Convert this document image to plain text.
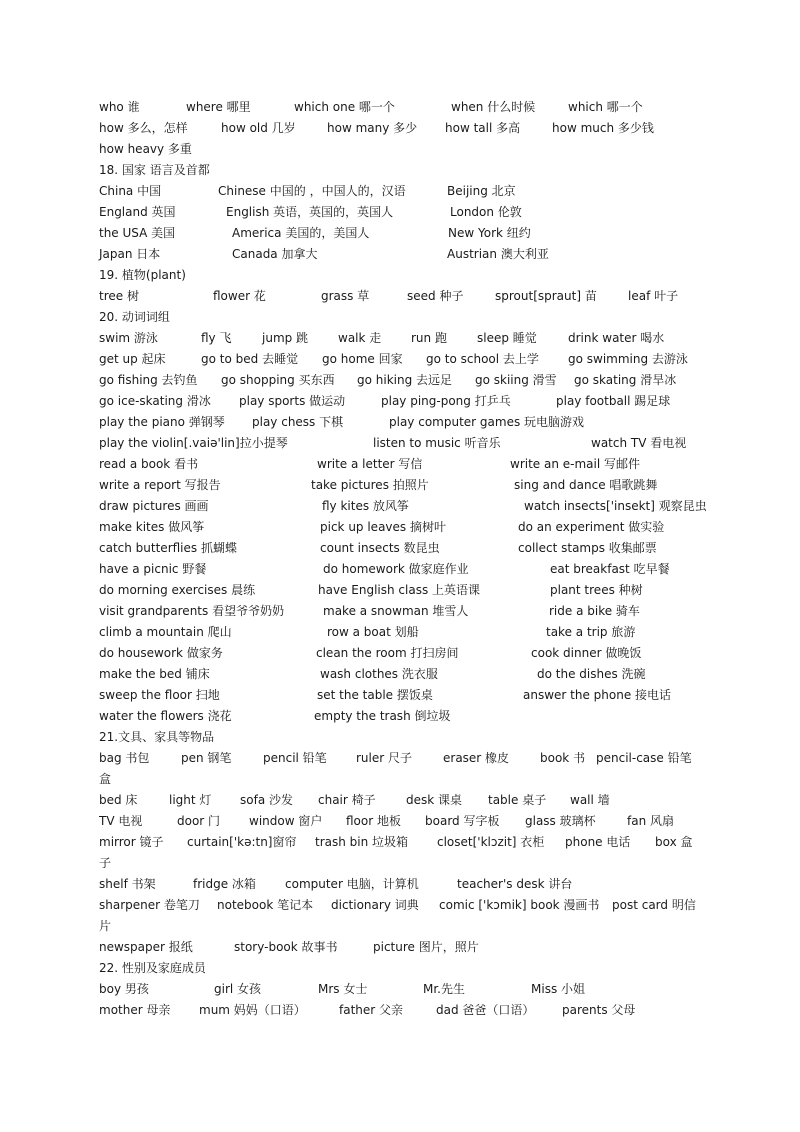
who 谁	where 哪里	which one 哪一个	when 什么时候	which 哪一个
how 多么，怎样	how old 几岁	how many 多少 how tall 多高	how much 多少钱
how heavy 多重
18. 国家 语言及首都
China 中国	Chinese 中国的 ，中国人的，汉语	Beijing 北京
England 英国	English 英语，英国的，英国人	London 伦敦
the USA 美国	America 美国的，美国人	New York 纽约
Japan 日本	Canada 加拿大	Austrian 澳大利亚
19. 植物(plant)
tree 树	flower 花	grass 草	seed 种子	sprout[spraut] 苗	leaf 叶子
20. 动词词组
swim 游泳	fly 飞	jump 跳 walk 走 run 跑	sleep 睡觉	drink water 喝水
get up 起床	go to bed 去睡觉 go home 回家 go to school 去上学 go swimming 去游泳
go fishing 去钓鱼 go shopping 买东西 go hiking 去远足 go skiing 滑雪 go skating 滑旱冰
go ice-skating 滑冰 play sports 做运动	play ping-pong 打乒乓	play football 踢足球
play the piano 弹钢琴 play chess 下棋	play computer games 玩电脑游戏
play the violin[.vaiə'lin]拉小提琴	listen to music 听音乐	watch TV 看电视
read a book 看书	write a letter 写信	write an e-mail 写邮件
write a report 写报告	take pictures 拍照片	sing and dance 唱歌跳舞
draw pictures 画画	fly kites 放风筝	watch insects['insekt] 观察昆虫
make kites 做风筝	pick up leaves 摘树叶	do an experiment 做实验
catch butterflies 抓蝴蝶	count insects 数昆虫	collect stamps 收集邮票
have a picnic 野餐	do homework 做家庭作业	eat breakfast 吃早餐
do morning exercises 晨练	have English class 上英语课	plant trees 种树
visit grandparents 看望爷爷奶奶	make a snowman 堆雪人	ride a bike 骑车
climb a mountain 爬山	row a boat 划船	take a trip 旅游
do housework 做家务	clean the room 打扫房间	cook dinner 做晚饭
make the bed 铺床	wash clothes 洗衣服	do the dishes 洗碗
sweep the floor 扫地	set the table 摆饭桌	answer the phone 接电话
water the flowers 浇花	empty the trash 倒垃圾
21.文具、家具等物品
bag 书包	pen 钢笔	pencil 铅笔 ruler 尺子	eraser 橡皮	book 书 pencil-case 铅笔
盒
bed 床	light 灯 sofa 沙发 chair 椅子	desk 课桌 table 桌子 wall 墙
TV 电视	door 门 window 窗户 floor 地板 board 写字板 glass 玻璃杯	fan 风扇
mirror 镜子 curtain['kə:tn]窗帘 trash bin 垃圾箱 closet['klɔzit] 衣柜 phone 电话 box 盒
子
shelf 书架	fridge 冰箱 computer 电脑，计算机	teacher's desk 讲台
sharpener 卷笔刀 notebook 笔记本 dictionary 词典 comic ['kɔmik] book 漫画书 post card 明信
片
newspaper 报纸	story-book 故事书	picture 图片，照片
22. 性别及家庭成员
boy 男孩	girl 女孩	Mrs 女士	Mr.先生	Miss 小姐
mother 母亲 mum 妈妈（口语）	father 父亲	dad 爸爸（口语） parents 父母
